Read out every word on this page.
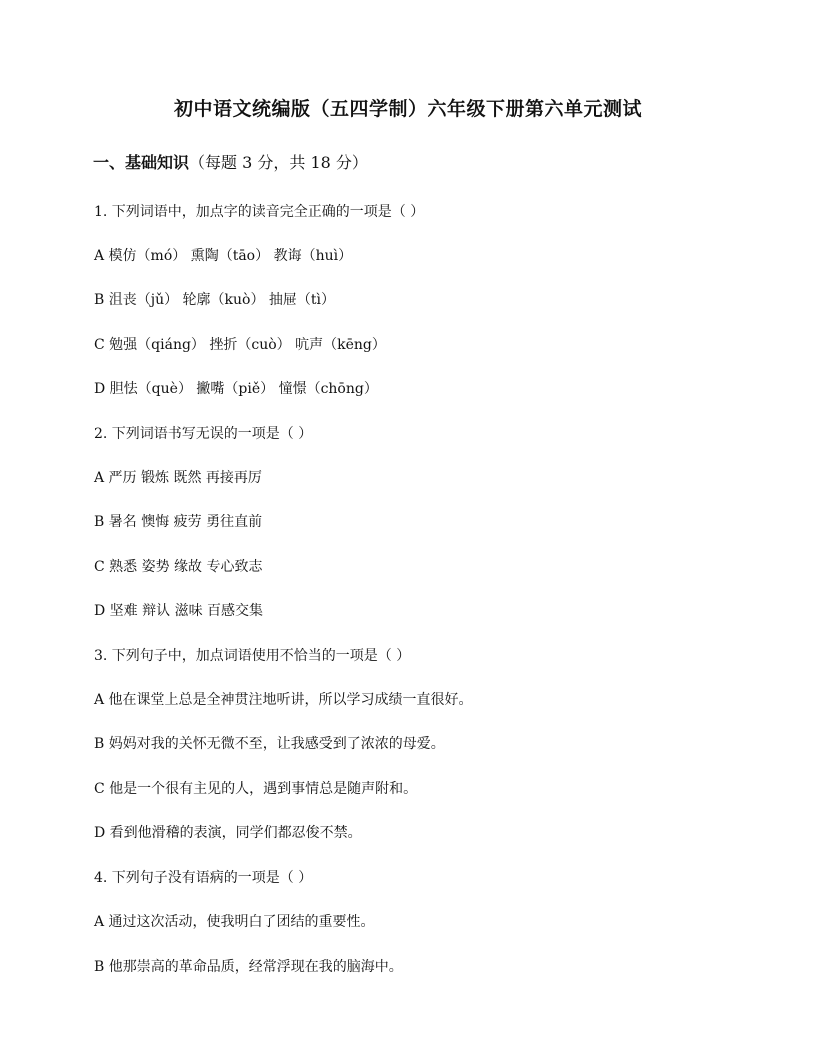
初中语文统编版（五四学制）六年级下册第六单元测试
一、基础知识（每题 3 分，共 18 分）
1. 下列词语中，加点字的读音完全正确的一项是（ ）
A 模仿（mó） 熏陶（tāo） 教诲（huì）
B 沮丧（jǔ） 轮廓（kuò） 抽屉（tì）
C 勉强（qiáng） 挫折（cuò） 吭声（kēng）
D 胆怯（què） 撇嘴（piě） 憧憬（chōng）
2. 下列词语书写无误的一项是（ ）
A 严历 锻炼 既然 再接再厉
B 暑名 懊悔 疲劳 勇往直前
C 熟悉 姿势 缘故 专心致志
D 坚难 辩认 滋味 百感交集
3. 下列句子中，加点词语使用不恰当的一项是（ ）
A 他在课堂上总是全神贯注地听讲，所以学习成绩一直很好。
B 妈妈对我的关怀无微不至，让我感受到了浓浓的母爱。
C 他是一个很有主见的人，遇到事情总是随声附和。
D 看到他滑稽的表演，同学们都忍俊不禁。
4. 下列句子没有语病的一项是（ ）
A 通过这次活动，使我明白了团结的重要性。
B 他那崇高的革命品质，经常浮现在我的脑海中。
